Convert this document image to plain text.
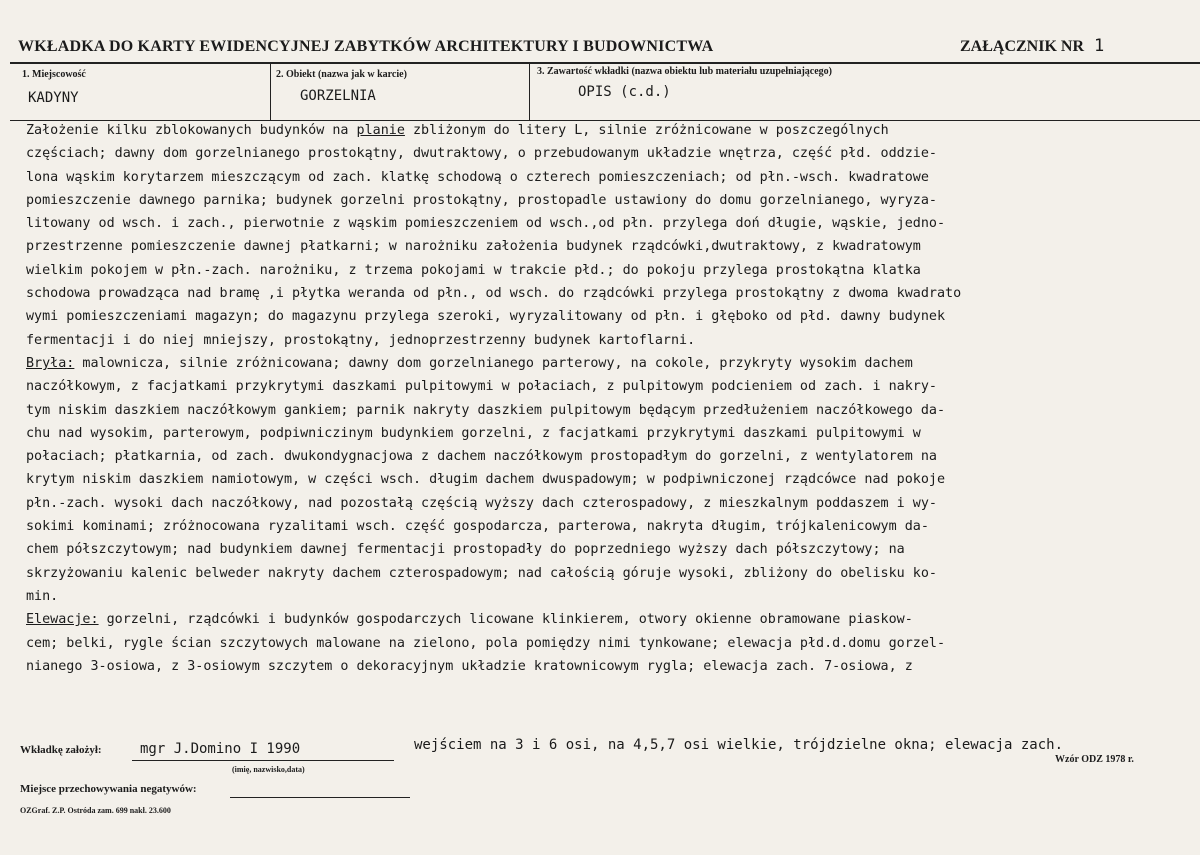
WKŁADKA DO KARTY EWIDENCYJNEJ ZABYTKÓW ARCHITEKTURY I BUDOWNICTWA	ZAŁĄCZNIK NR 1
1. Miejscowość
KADYNY
2. Obiekt (nazwa jak w karcie)
GORZELNIA
3. Zawartość wkładki (nazwa obiektu lub materiału uzupełniającego)
OPIS (c.d.)
Założenie kilku zblokowanych budynków na planie zbliżonym do litery L, silnie zróżnicowane w poszczególnych
częściach; dawny dom gorzelnianego prostokątny, dwutraktowy, o przebudowanym układzie wnętrza, część płd. oddzie-
lona wąskim korytarzem mieszczącym od zach. klatkę schodową o czterech pomieszczeniach; od płn.-wsch. kwadratowe
pomieszczenie dawnego parnika; budynek gorzelni prostokątny, prostopadle ustawiony do domu gorzelnianego, wyryza-
litowany od wsch. i zach., pierwotnie z wąskim pomieszczeniem od wsch.,od płn. przylega doń długie, wąskie, jedno-
przestrzenne pomieszczenie dawnej płatkarni; w narożniku założenia budynek rządcówki,dwutraktowy, z kwadratowym
wielkim pokojem w płn.-zach. narożniku, z trzema pokojami w trakcie płd.; do pokoju przylega prostokątna klatka
schodowa prowadząca nad bramę ,i płytka weranda od płn., od wsch. do rządcówki przylega prostokątny z dwoma kwadrato
wymi pomieszczeniami magazyn; do magazynu przylega szeroki, wyryzalitowany od płn. i głęboko od płd. dawny budynek
fermentacji i do niej mniejszy, prostokątny, jednoprzestrzenny budynek kartoflarni.
Bryła: malownicza, silnie zróżnicowana; dawny dom gorzelnianego parterowy, na cokole, przykryty wysokim dachem
naczółkowym, z facjatkami przykrytymi daszkami pulpitowymi w połaciach, z pulpitowym podcieniem od zach. i nakry-
tym niskim daszkiem naczółkowym gankiem; parnik nakryty daszkiem pulpitowym będącym przedłużeniem naczółkowego da-
chu nad wysokim, parterowym, podpiwniczinym budynkiem gorzelni, z facjatkami przykrytymi daszkami pulpitowymi w
połaciach; płatkarnia, od zach. dwukondygnacjowa z dachem naczółkowym prostopadłym do gorzelni, z wentylatorem na
krytym niskim daszkiem namiotowym, w części wsch. długim dachem dwuspadowym; w podpiwniczonej rządcówce nad pokoje
płn.-zach. wysoki dach naczółkowy, nad pozostałą częścią wyższy dach czterospadowy, z mieszkalnym poddaszem i wy-
sokimi kominami; zróżnocowana ryzalitami wsch. część gospodarcza, parterowa, nakryta długim, trójkalenicowym da-
chem półszczytowym; nad budynkiem dawnej fermentacji prostopadły do poprzedniego wyższy dach półszczytowy; na
skrzyżowaniu kalenic belweder nakryty dachem czterospadowym; nad całością góruje wysoki, zbliżony do obelisku ko-
min.
Elewacje: gorzelni, rządcówki i budynków gospodarczych licowane klinkierem, otwory okienne obramowane piaskow-
cem; belki, rygle ścian szczytowych malowane na zielono, pola pomiędzy nimi tynkowane; elewacja płd.d.domu gorzel-
nianego 3-osiowa, z 3-osiowym szczytem o dekoracyjnym układzie kratownicowym rygla; elewacja zach. 7-osiowa, z
Wkładkę założył:	mgr J.Domino I 1990	wejściem na 3 i 6 osi, na 4,5,7 osi wielkie, trójdzielne okna; elewacja zach.
(imię, nazwisko,data)
Wzór ODZ 1978 r.
Miejsce przechowywania negatywów:
OZGraf. Z.P. Ostróda zam. 699 nakł. 23.600
